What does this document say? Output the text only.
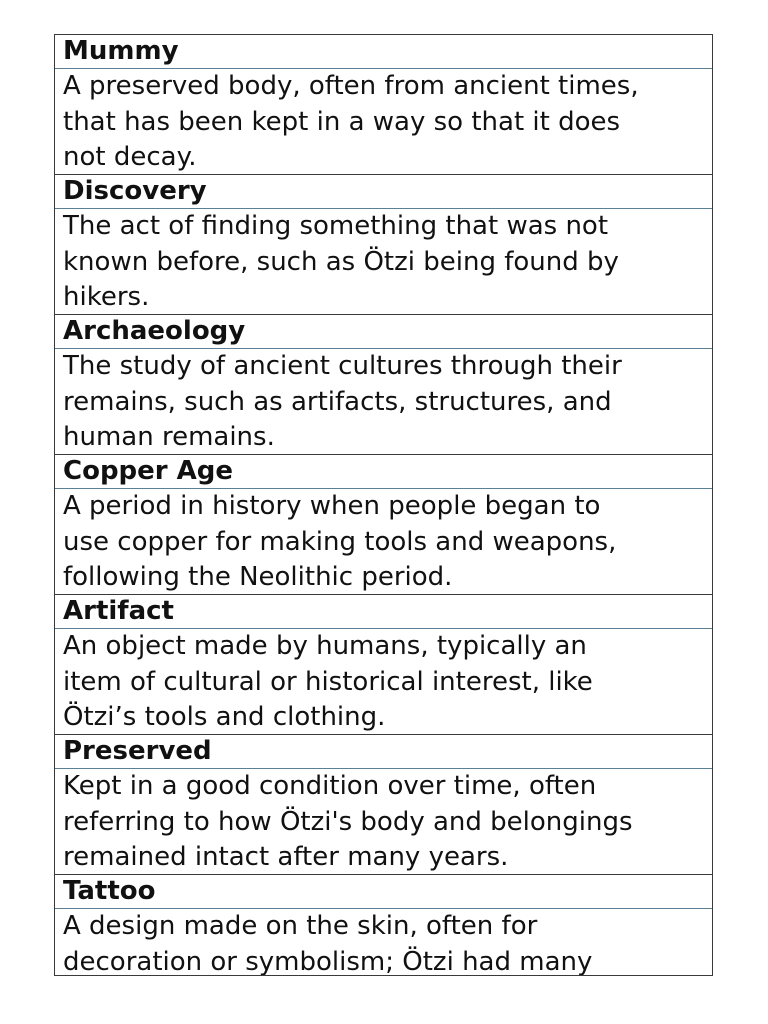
Mummy
A preserved body, often from ancient times,
that has been kept in a way so that it does
not decay.
Discovery
The act of finding something that was not
known before, such as Ötzi being found by
hikers.
Archaeology
The study of ancient cultures through their
remains, such as artifacts, structures, and
human remains.
Copper Age
A period in history when people began to
use copper for making tools and weapons,
following the Neolithic period.
Artifact
An object made by humans, typically an
item of cultural or historical interest, like
Ötzi’s tools and clothing.
Preserved
Kept in a good condition over time, often
referring to how Ötzi's body and belongings
remained intact after many years.
Tattoo
A design made on the skin, often for
decoration or symbolism; Ötzi had many
